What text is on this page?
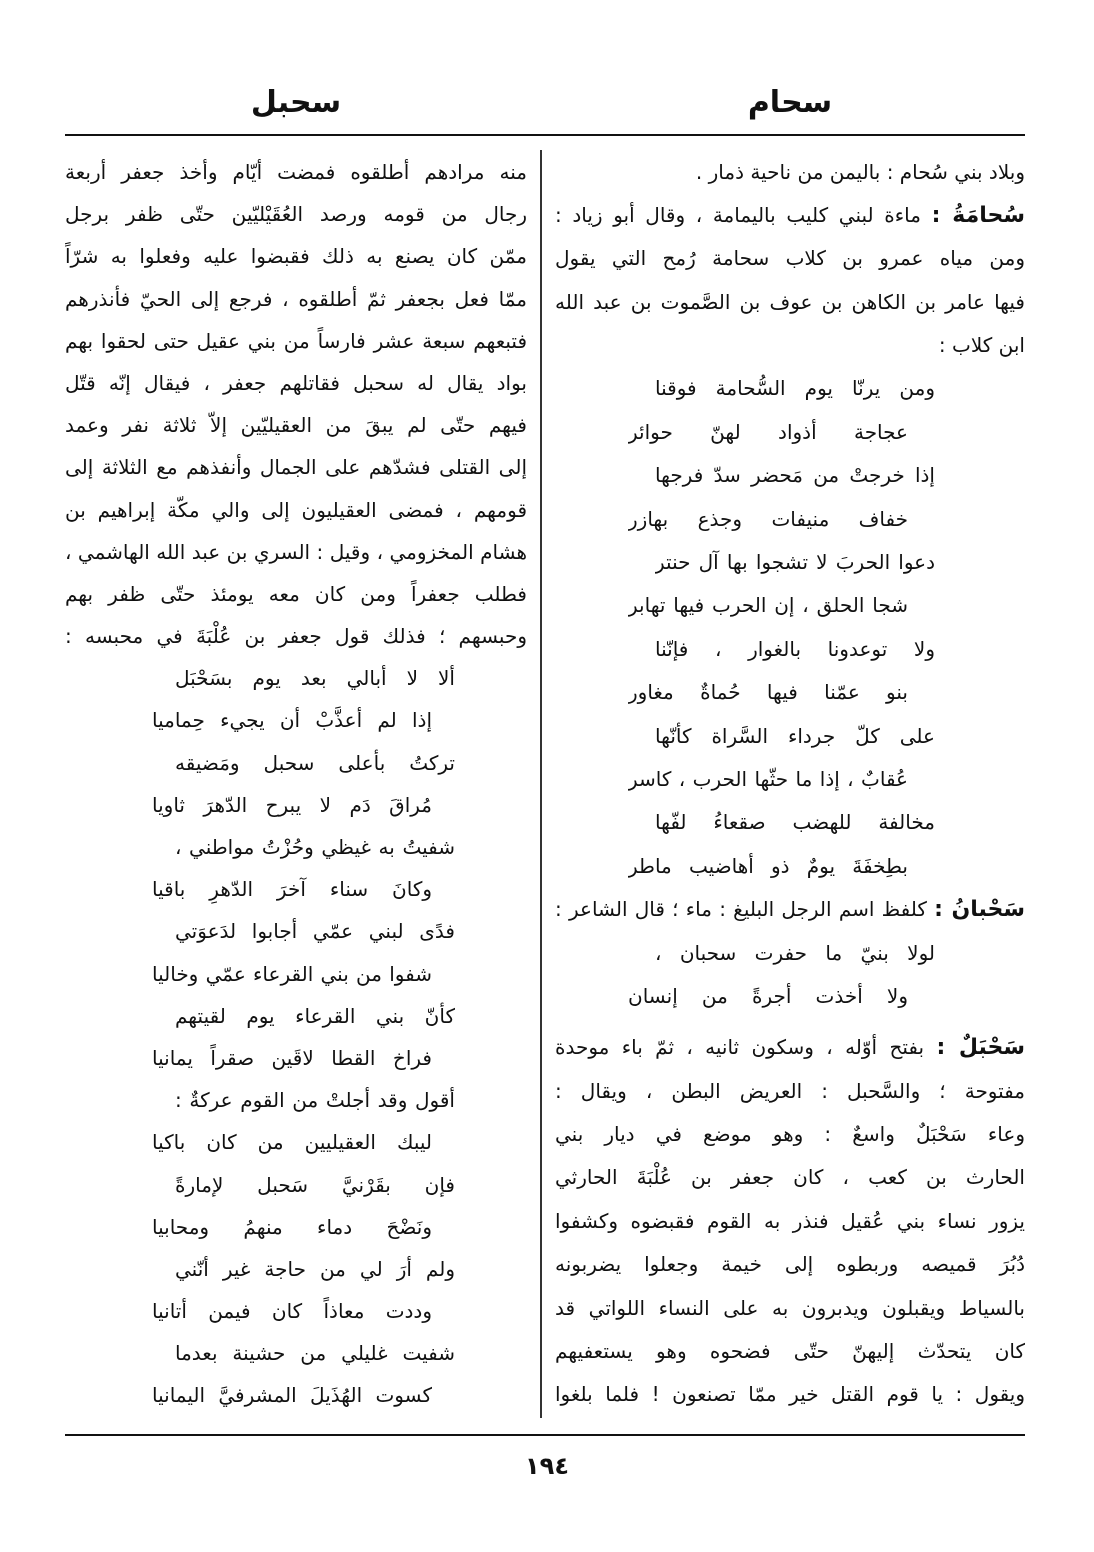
سحام
سحبل
وبلاد بني سُحام : باليمن من ناحية ذمار .
سُحامَةُ : ماءة لبني كليب باليمامة ، وقال أبو زياد :
ومن مياه عمرو بن كلاب سحامة رُمح التي يقول
فيها عامر بن الكاهن بن عوف بن الصَّموت بن عبد الله
ابن كلاب :
ومن يرنّا يوم السُّحامة فوقنا
عجاجة أذواد لهنّ حوائر
إذا خرجتْ من مَحضر سدّ فرجها
خفاف منيفات وجذع بهازر
دعوا الحربَ لا تشجوا بها آل حنتر
شجا الحلق ، إن الحرب فيها تهابر
ولا توعدونا بالغوار ، فإنّنا
بنو عمّنا فيها حُماةٌ مغاور
على كلّ جرداء السَّراة كأنّها
عُقابٌ ، إذا ما حثّها الحرب ، كاسر
مخالفة للهضب صقعاءُ لفّها
بطِخفَةَ يومٌ ذو أهاضيب ماطر
سَحْبانُ : كلفظ اسم الرجل البليغ : ماء ؛ قال الشاعر :
لولا بنيّ ما حفرت سحبان ،
ولا أخذت أجرةً من إنسان
سَحْبَلٌ : بفتح أوّله ، وسكون ثانيه ، ثمّ باء موحدة
مفتوحة ؛ والسَّحبل : العريض البطن ، ويقال :
وعاء سَحْبَلٌ واسعٌ : وهو موضع في ديار بني
الحارث بن كعب ، كان جعفر بن عُلْبَةَ الحارثي
يزور نساء بني عُقيل فنذر به القوم فقبضوه وكشفوا
دُبُرَ قميصه وربطوه إلى خيمة وجعلوا يضربونه
بالسياط ويقبلون ويدبرون به على النساء اللواتي قد
كان يتحدّث إليهنّ حتّى فضحوه وهو يستعفيهم
ويقول : يا قوم القتل خير ممّا تصنعون ! فلما بلغوا
منه مرادهم أطلقوه فمضت أيّام وأخذ جعفر أربعة
رجال من قومه ورصد العُقَيْليّين حتّى ظفر برجل
ممّن كان يصنع به ذلك فقبضوا عليه وفعلوا به شرّاً
ممّا فعل بجعفر ثمّ أطلقوه ، فرجع إلى الحيّ فأنذرهم
فتبعهم سبعة عشر فارساً من بني عقيل حتى لحقوا بهم
بواد يقال له سحبل فقاتلهم جعفر ، فيقال إنّه قتّل
فيهم حتّى لم يبقَ من العقيليّين إلاّ ثلاثة نفر وعمد
إلى القتلى فشدّهم على الجمال وأنفذهم مع الثلاثة إلى
قومهم ، فمضى العقيليون إلى والي مكّة إبراهيم بن
هشام المخزومي ، وقيل : السري بن عبد الله الهاشمي ،
فطلب جعفراً ومن كان معه يومئذ حتّى ظفر بهم
وحبسهم ؛ فذلك قول جعفر بن عُلْبَةَ في محبسه :
ألا لا أبالي بعد يوم بسَحْبَل
إذا لم أعذَّبْ أن يجيء حِماميا
تركتُ بأعلى سحبل ومَضيقه
مُراقَ دَم لا يبرح الدّهرَ ثاويا
شفيتُ به غيظي وحُزْتُ مواطني ،
وكانَ سناء آخرَ الدّهرِ باقيا
فدًى لبني عمّي أجابوا لدَعوَتي
شفوا من بني القرعاء عمّي وخاليا
كأنّ بني القرعاء يوم لقيتهم
فراخ القطا لاقَين صقراً يمانيا
أقول وقد أجلتْ من القوم عركةٌ :
ليبك العقيليين من كان باكيا
فإن بقَرْنيَّ سَحبل لإمارةً
ونَضْحَ دماء منهمُ ومحابيا
ولم أرَ لي من حاجة غير أنّني
وددت معاذاً كان فيمن أتانيا
شفيت غليلي من حشينة بعدما
كسوت الهُذَيلَ المشرفيَّ اليمانيا
١٩٤
